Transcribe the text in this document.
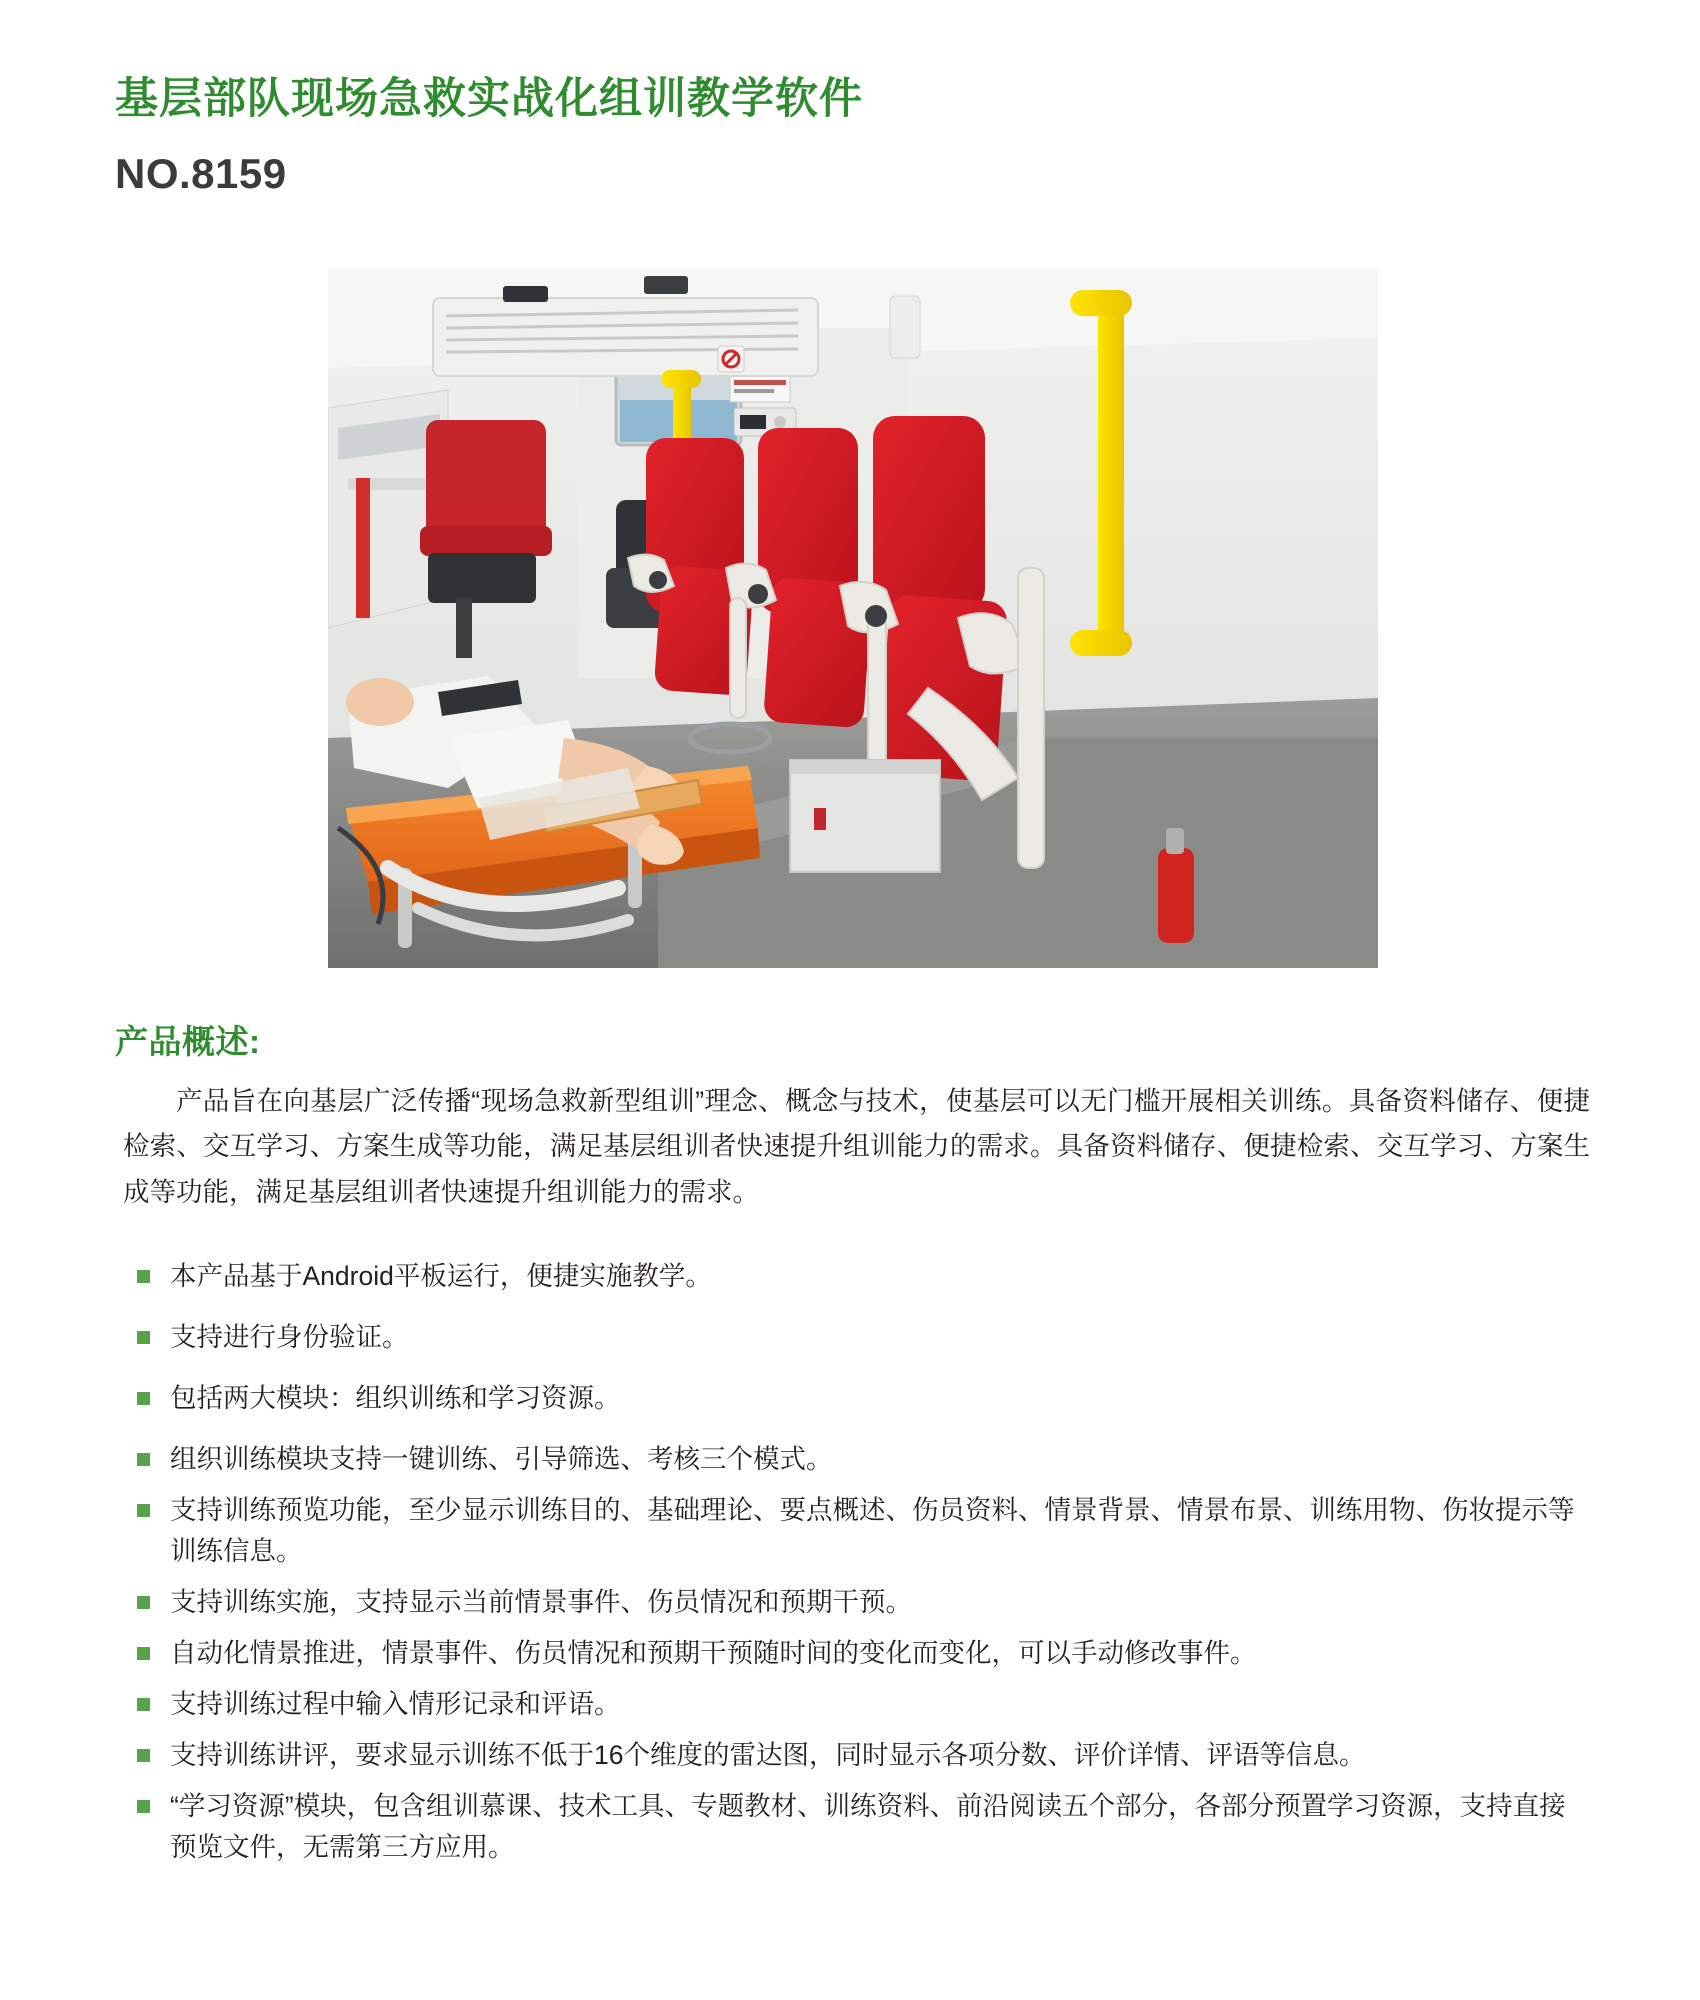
基层部队现场急救实战化组训教学软件
NO.8159
产品概述:

产品旨在向基层广泛传播“现场急救新型组训”理念、概念与技术，使基层可以无门槛开展相关训练。具备资料储存、便捷检索、交互学习、方案生成等功能，满足基层组训者快速提升组训能力的需求。具备资料储存、便捷检索、交互学习、方案生成等功能，满足基层组训者快速提升组训能力的需求。

本产品基于Android平板运行，便捷实施教学。
支持进行身份验证。
包括两大模块：组织训练和学习资源。
组织训练模块支持一键训练、引导筛选、考核三个模式。
支持训练预览功能，至少显示训练目的、基础理论、要点概述、伤员资料、情景背景、情景布景、训练用物、伤妆提示等训练信息。
支持训练实施，支持显示当前情景事件、伤员情况和预期干预。
自动化情景推进，情景事件、伤员情况和预期干预随时间的变化而变化，可以手动修改事件。
支持训练过程中输入情形记录和评语。
支持训练讲评，要求显示训练不低于16个维度的雷达图，同时显示各项分数、评价详情、评语等信息。
“学习资源”模块，包含组训慕课、技术工具、专题教材、训练资料、前沿阅读五个部分，各部分预置学习资源，支持直接预览文件，无需第三方应用。
